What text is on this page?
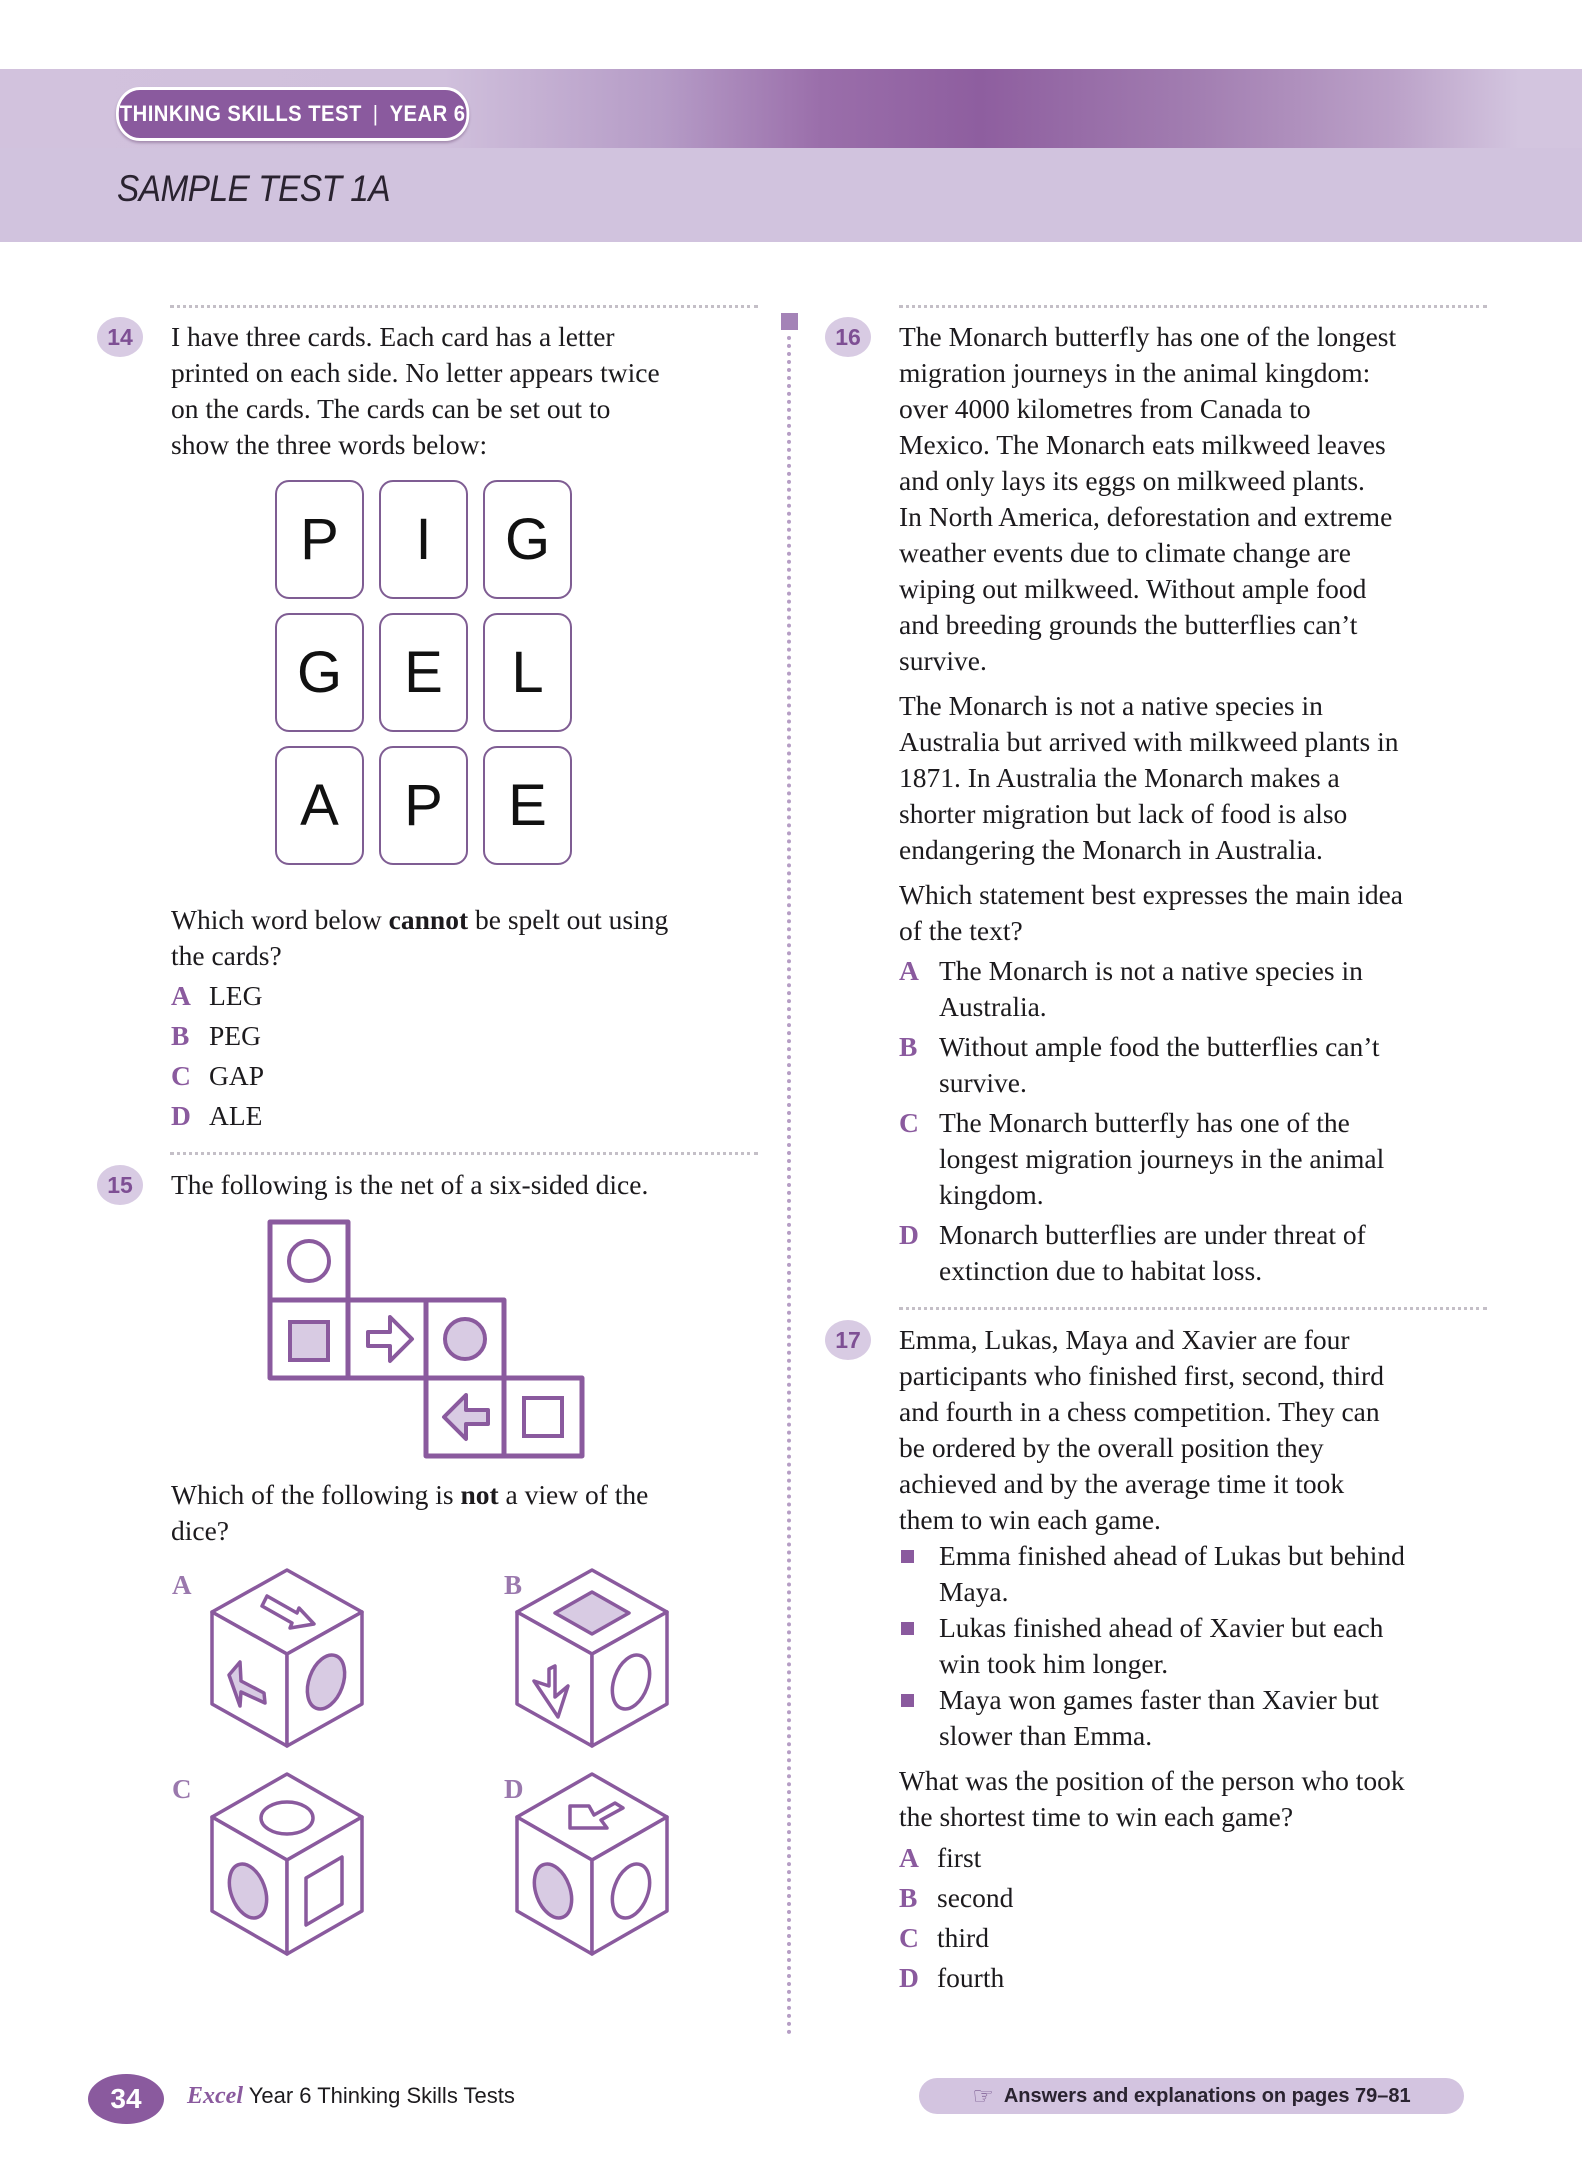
THINKING SKILLS TEST | YEAR 6
SAMPLE TEST 1A
14	I have three cards. Each card has a letter
printed on each side. No letter appears twice
on the cards. The cards can be set out to
show the three words below:
P	I	G
G	E	L
A	P	E
Which word below cannot be spelt out using
the cards?
A LEG
B PEG
C GAP
D ALE
15	The following is the net of a six-sided dice.
Which of the following is not a view of the
dice?
A	B
C	D
16	The Monarch butterfly has one of the longest
migration journeys in the animal kingdom:
over 4000 kilometres from Canada to
Mexico. The Monarch eats milkweed leaves
and only lays its eggs on milkweed plants.
In North America, deforestation and extreme
weather events due to climate change are
wiping out milkweed. Without ample food
and breeding grounds the butterflies can’t
survive.
The Monarch is not a native species in
Australia but arrived with milkweed plants in
1871. In Australia the Monarch makes a
shorter migration but lack of food is also
endangering the Monarch in Australia.
Which statement best expresses the main idea
of the text?
A The Monarch is not a native species in
Australia.
B Without ample food the butterflies can’t
survive.
C The Monarch butterfly has one of the
longest migration journeys in the animal
kingdom.
D Monarch butterflies are under threat of
extinction due to habitat loss.
17	Emma, Lukas, Maya and Xavier are four
participants who finished first, second, third
and fourth in a chess competition. They can
be ordered by the overall position they
achieved and by the average time it took
them to win each game.
Emma finished ahead of Lukas but behind
Maya.
Lukas finished ahead of Xavier but each
win took him longer.
Maya won games faster than Xavier but
slower than Emma.
What was the position of the person who took
the shortest time to win each game?
A first
B second
C third
D fourth
34	Excel Year 6 Thinking Skills Tests	☞ Answers and explanations on pages 79–81
